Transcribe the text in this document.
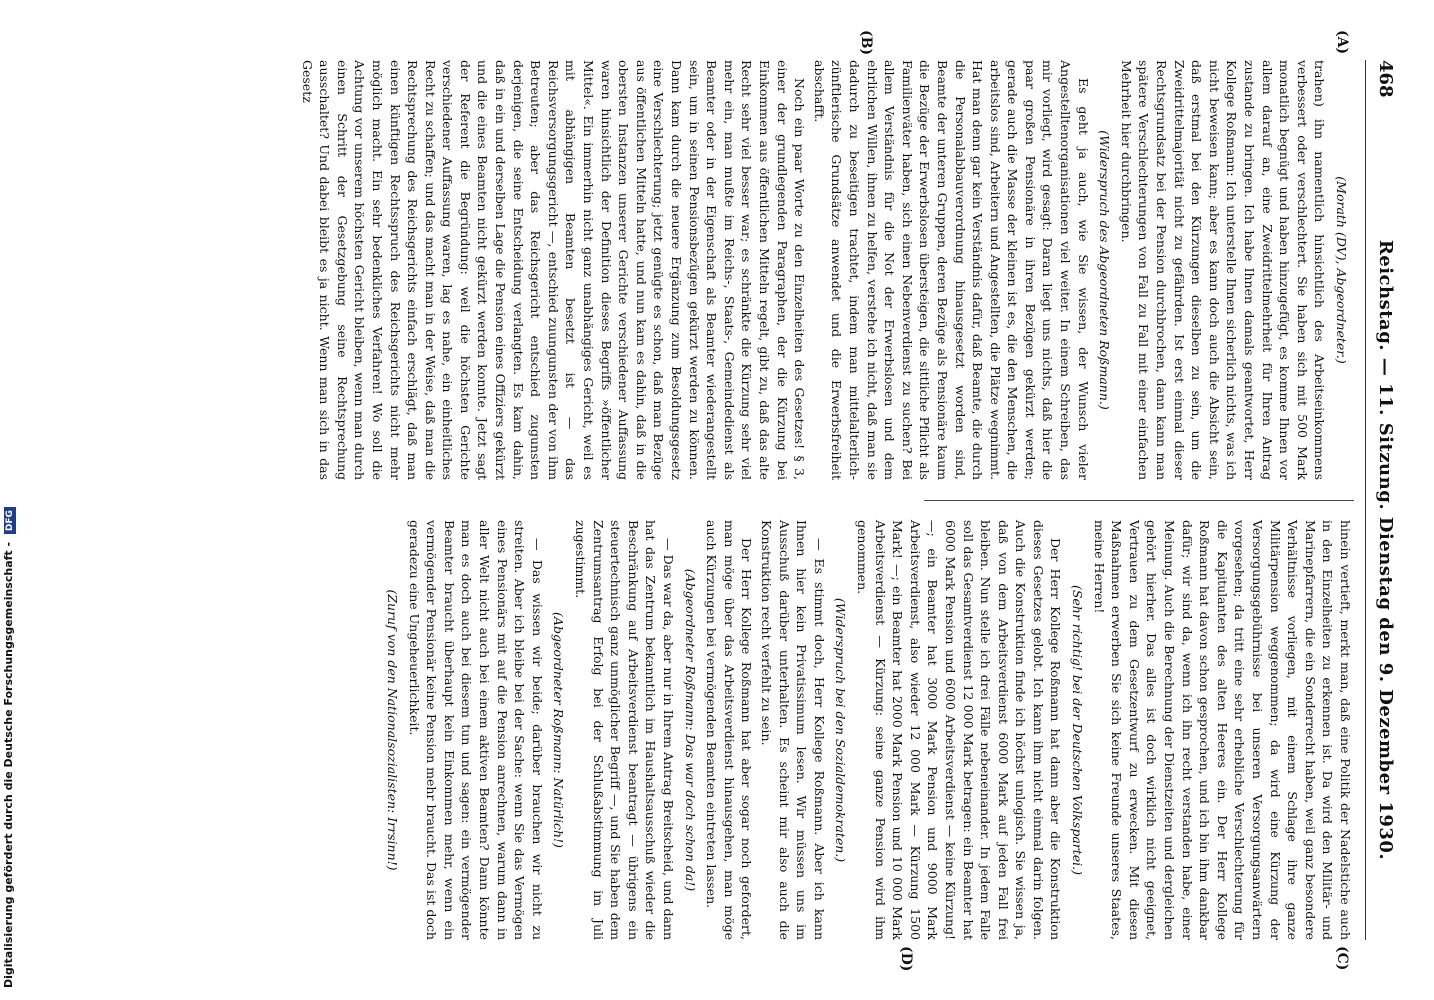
468
Reichstag. — 11. Sitzung. Dienstag den 9. Dezember 1930.
(A)
(B)
(C)
(D)

(Morath (DV), Abgeordneter.)

trahen) ihn namentlich hinsichtlich des Arbeitseinkommens verbessert oder verschlechtert. Sie haben sich mit 500 Mark monatlich begnügt und haben hinzugefügt, es komme Ihnen vor allem darauf an, eine Zweidrittelmehrheit für Ihren Antrag zustande zu bringen. Ich habe Ihnen damals geantwortet, Herr Kollege Roßmann: Ich unterstelle Ihnen sicherlich nichts, was ich nicht beweisen kann; aber es kann doch auch die Absicht sein, daß erstmal bei den Kürzungen dieselben zu sein, um die Zweidrittelmajorität nicht zu gefährden. Ist erst einmal dieser Rechtsgrundsatz bei der Pension durchbrochen, dann kann man spätere Verschlechterungen von Fall zu Fall mit einer einfachen Mehrheit hier durchbringen.

(Widerspruch des Abgeordneten Roßmann.)

Es geht ja auch, wie Sie wissen, der Wunsch vieler Angestelltenorganisationen viel weiter. In einem Schreiben, das mir vorliegt, wird gesagt: Daran liegt uns nichts, daß hier die paar großen Pensionäre in ihren Bezügen gekürzt werden; gerade auch die Masse der kleinen ist es, die den Menschen, die arbeitslos sind, Arbeitern und Angestellten, die Plätze wegnimmt. Hat man denn gar kein Verständnis dafür, daß Beamte, die durch die Personalabbauverordnung hinausgesetzt worden sind, Beamte der unteren Gruppen, deren Bezüge als Pensionäre kaum die Bezüge der Erwerbslosen übersteigen, die sittliche Pflicht als Familienväter haben, sich einen Nebenverdienst zu suchen? Bei allem Verständnis für die Not der Erwerbslosen und dem ehrlichen Willen, ihnen zu helfen, verstehe ich nicht, daß man sie dadurch zu beseitigen trachtet, indem man mittelalterlich-zünftlerische Grundsätze anwendet und die Erwerbsfreiheit abschafft.

Noch ein paar Worte zu den Einzelheiten des Gesetzes! § 3, einer der grundlegenden Paragraphen, der die Kürzung bei Einkommen aus öffentlichen Mitteln regelt, gibt zu, daß das alte Recht sehr viel besser war; es schränkte die Kürzung sehr viel mehr ein, man mußte im Reichs-, Staats-, Gemeindedienst als Beamter oder in der Eigenschaft als Beamter wiederangestellt sein, um in seinen Pensionsbezügen gekürzt werden zu können. Dann kam durch die neuere Ergänzung zum Besoldungsgesetz eine Verschlechterung; jetzt genügte es schon, daß man Bezüge aus öffentlichen Mitteln hatte, und nun kam es dahin, daß in die obersten Instanzen unserer Gerichte verschiedener Auffassung waren hinsichtlich der Definition dieses Begriffs »öffentlicher Mittel«. Ein immerhin nicht ganz unabhängiges Gericht, weil es mit abhängigen Beamten besetzt ist — das Reichsversorgungsgericht —, entschied zuungunsten der von ihm Betreuten; aber das Reichsgericht entschied zugunsten derjenigen, die seine Entscheidung verlangten. Es kam dahin, daß in ein und derselben Lage die Pension eines Offiziers gekürzt und die eines Beamten nicht gekürzt werden konnte. Jetzt sagt der Referent die Begründung: weil die höchsten Gerichte verschiedener Auffassung waren, lag es nahe, ein einheitliches Recht zu schaffen; und das macht man in der Weise, daß man die Rechtsprechung des Reichsgerichts einfach erschlägt, daß man einen künftigen Rechtsspruch des Reichsgerichts nicht mehr möglich macht. Ein sehr bedenkliches Verfahren! Wo soll die Achtung vor unserem höchsten Gericht bleiben, wenn man durch einen Schritt der Gesetzgebung seine Rechtsprechung ausschaltet? Und dabei bleibt es ja nicht. Wenn man sich in das Gesetz

hinein vertieft, merkt man, daß eine Politik der Nadelstiche auch in den Einzelheiten zu erkennen ist. Da wird den Militär- und Marinepfarrern, die ein Sonderrecht haben, weil ganz besondere Verhältnisse vorliegen, mit einem Schlage ihre ganze Militärpension weggenommen; da wird eine Kürzung der Versorgungsgebührnisse bei unseren Versorgungsanwärtern vorgesehen; da tritt eine sehr erhebliche Verschlechterung für die Kapitulanten des alten Heeres ein. Der Herr Kollege Roßmann hat davon schon gesprochen, und ich bin ihm dankbar dafür; wir sind da, wenn ich ihn recht verstanden habe, einer Meinung. Auch die Berechnung der Dienstzeiten und dergleichen gehört hierher. Das alles ist doch wirklich nicht geeignet, Vertrauen zu dem Gesetzentwurf zu erwecken. Mit diesen Maßnahmen erwerben Sie sich keine Freunde unseres Staates, meine Herren!

(Sehr richtig! bei der Deutschen Volkspartei.)

Der Herr Kollege Roßmann hat dann aber die Konstruktion dieses Gesetzes gelobt. Ich kann ihm nicht einmal darin folgen. Auch die Konstruktion finde ich höchst unlogisch. Sie wissen ja, daß von dem Arbeitsverdienst 6000 Mark auf jeden Fall frei bleiben. Nun stelle ich drei Fälle nebeneinander. In jedem Falle soll das Gesamtverdienst 12 000 Mark betragen: ein Beamter hat 6000 Mark Pension und 6000 Arbeitsverdienst — keine Kürzung! —; ein Beamter hat 3000 Mark Pension und 9000 Mark Arbeitsverdienst, also wieder 12 000 Mark — Kürzung 1500 Mark! —; ein Beamter hat 2000 Mark Pension und 10 000 Mark Arbeitsverdienst — Kürzung: seine ganze Pension wird ihm genommen.

(Widerspruch bei den Sozialdemokraten.)

— Es stimmt doch, Herr Kollege Roßmann. Aber ich kann Ihnen hier kein Privatissimum lesen. Wir müssen uns im Ausschuß darüber unterhalten. Es scheint mir also auch die Konstruktion recht verfehlt zu sein.

Der Herr Kollege Roßmann hat aber sogar noch gefordert, man möge über das Arbeitsverdienst hinausgehen, man möge auch Kürzungen bei vermögenden Beamten eintreten lassen.

(Abgeordneter Roßmann: Das war doch schon da!)

— Das war da, aber nur in Ihrem Antrag Breitscheid, und dann hat das Zentrum bekanntlich im Haushaltsausschuß wieder die Beschränkung auf Arbeitsverdienst beantragt — übrigens ein steuertechnisch ganz unmöglicher Begriff —, und Sie haben dem Zentrumsantrag Erfolg bei der Schlußabstimmung im Juli zugestimmt.

(Abgeordneter Roßmann: Natürlich!)

— Das wissen wir beide; darüber brauchen wir nicht zu streiten. Aber ich bleibe bei der Sache: wenn Sie das Vermögen eines Pensionärs mit auf die Pension anrechnen, warum dann in aller Welt nicht auch bei einem aktiven Beamten? Dann könnte man es doch auch bei diesem tun und sagen: ein vermögender Beamter braucht überhaupt kein Einkommen mehr, wenn ein vermögender Pensionär keine Pension mehr braucht. Das ist doch geradezu eine Ungeheuerlichkeit.

(Zuruf von den Nationalsozialisten: Irrsinn!)

Digitalisierung gefördert durch die Deutsche Forschungsgemeinschaft - DFG
